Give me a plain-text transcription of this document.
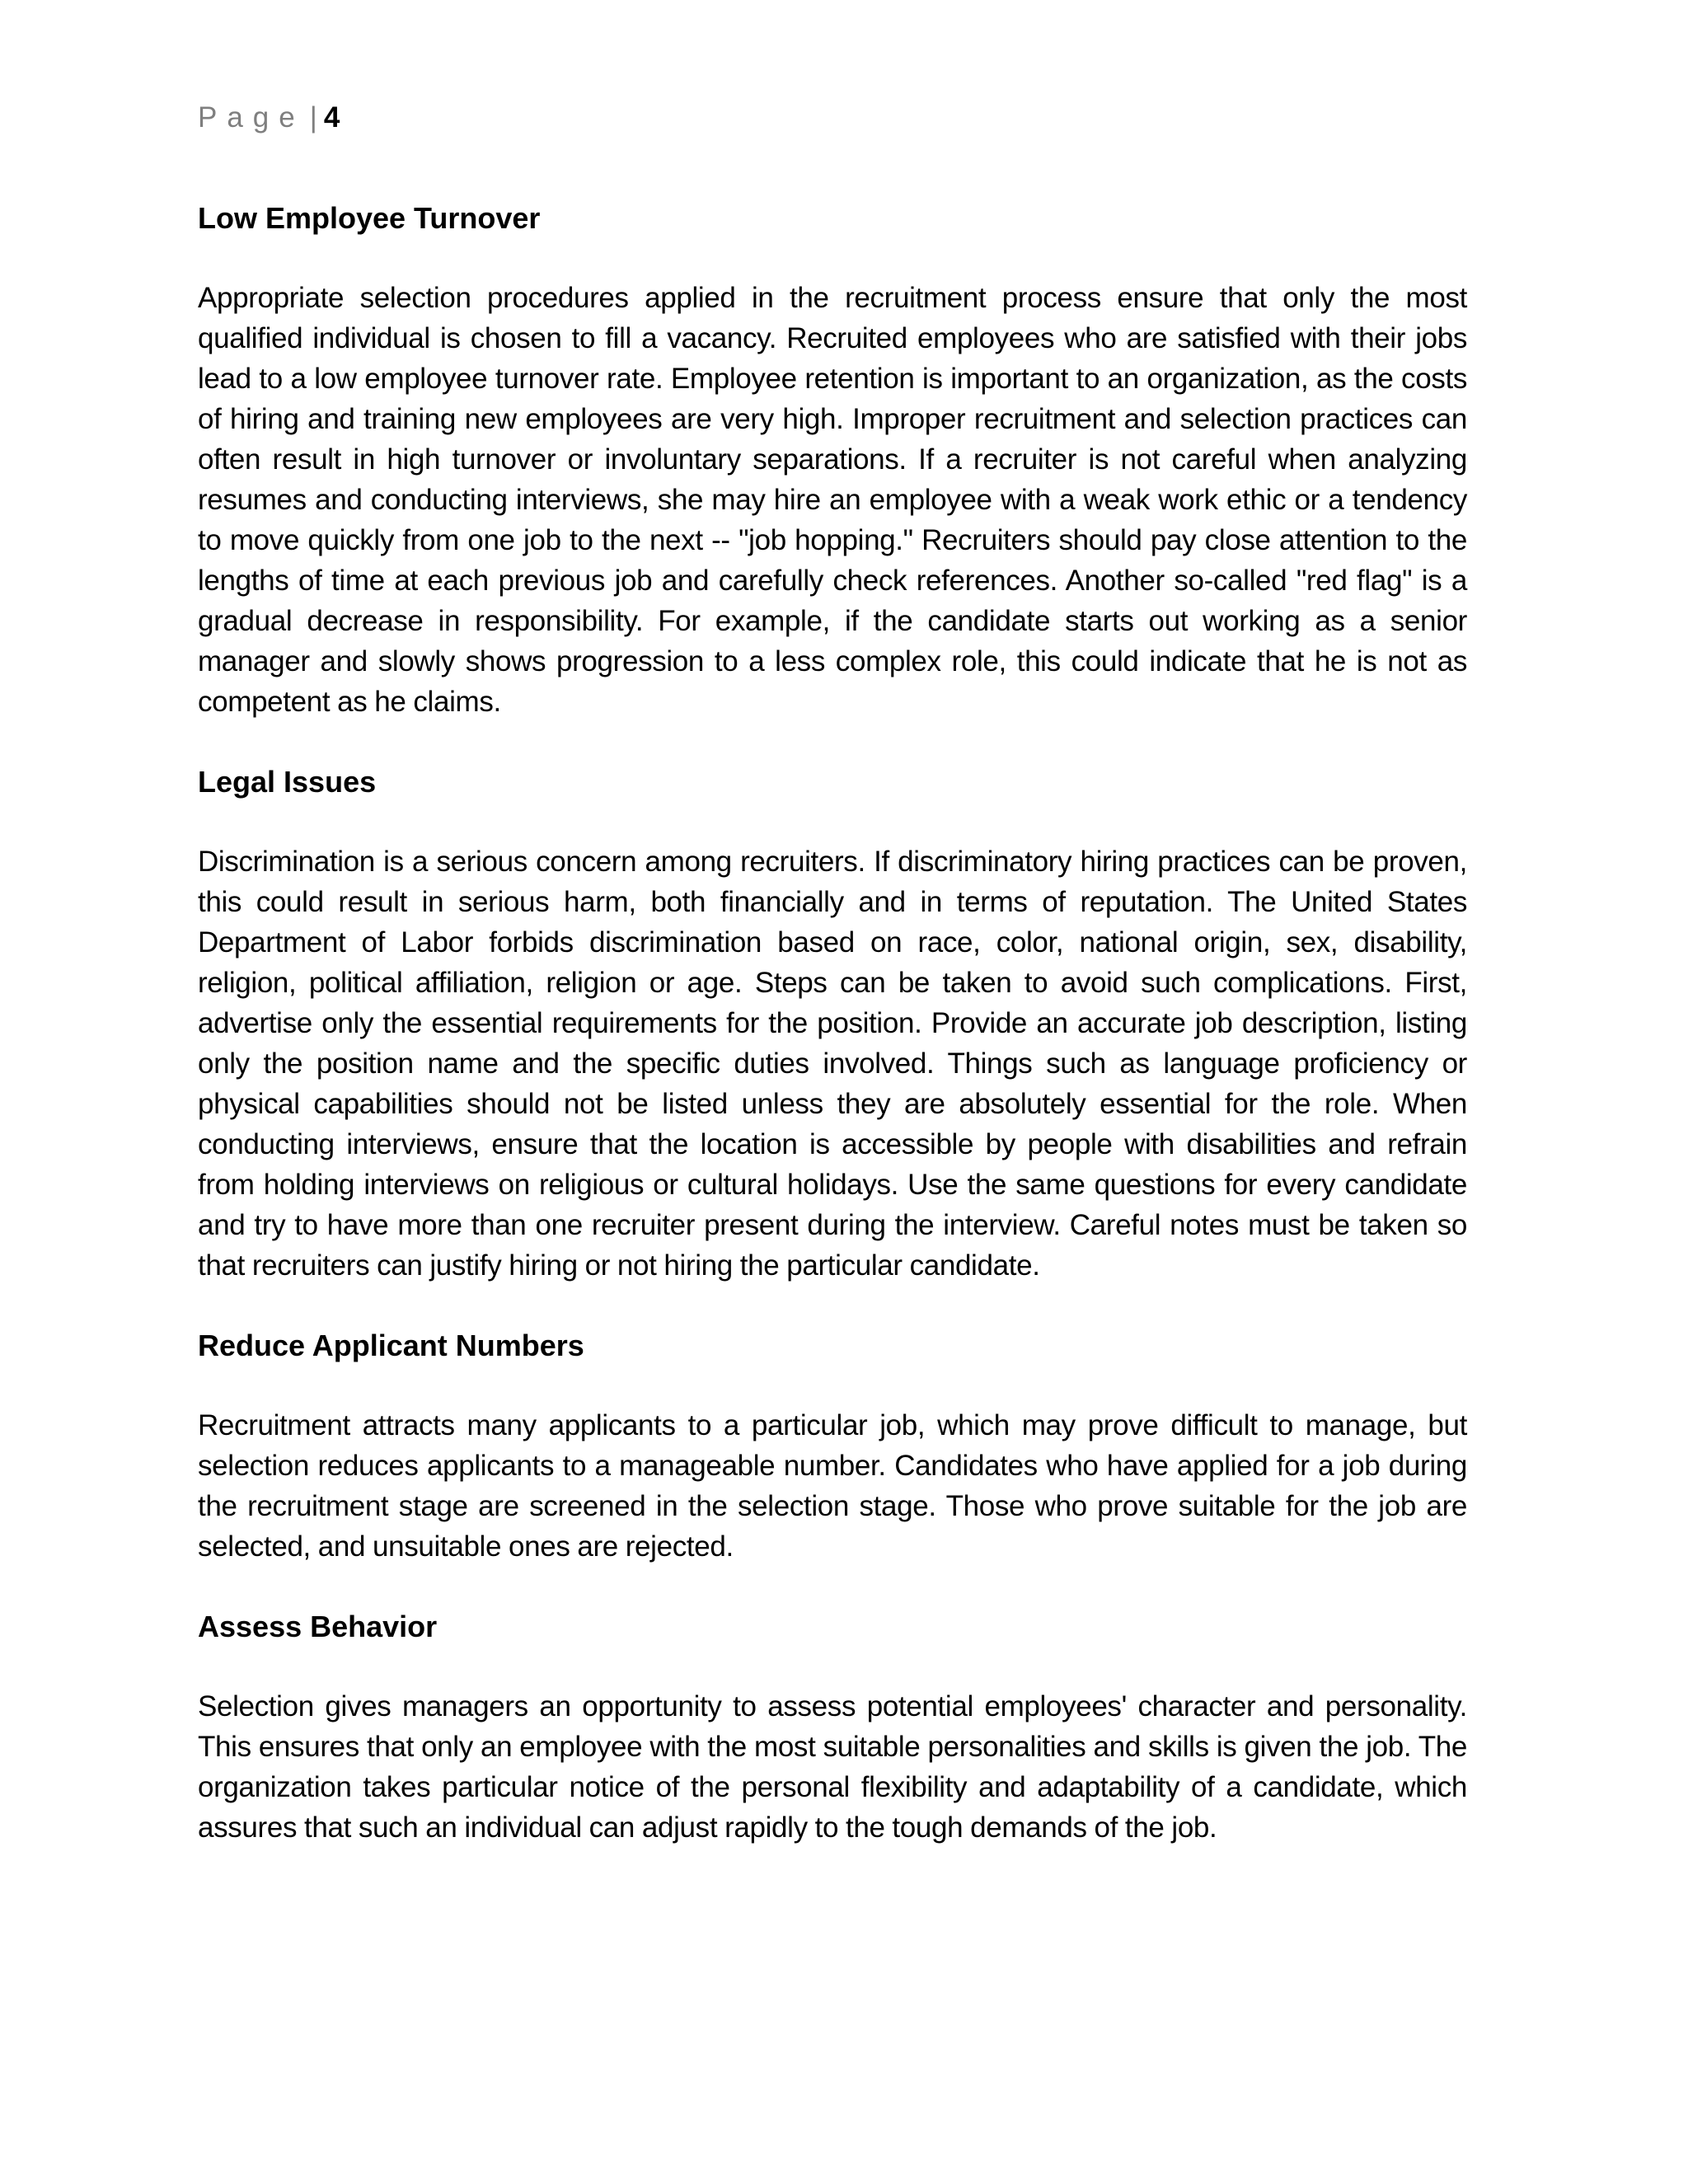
Page | 4

Low Employee Turnover

Appropriate selection procedures applied in the recruitment process ensure that only the most qualified individual is chosen to fill a vacancy. Recruited employees who are satisfied with their jobs lead to a low employee turnover rate. Employee retention is important to an organization, as the costs of hiring and training new employees are very high. Improper recruitment and selection practices can often result in high turnover or involuntary separations. If a recruiter is not careful when analyzing resumes and conducting interviews, she may hire an employee with a weak work ethic or a tendency to move quickly from one job to the next -- "job hopping." Recruiters should pay close attention to the lengths of time at each previous job and carefully check references. Another so-called "red flag" is a gradual decrease in responsibility. For example, if the candidate starts out working as a senior manager and slowly shows progression to a less complex role, this could indicate that he is not as competent as he claims.

Legal Issues

Discrimination is a serious concern among recruiters. If discriminatory hiring practices can be proven, this could result in serious harm, both financially and in terms of reputation. The United States Department of Labor forbids discrimination based on race, color, national origin, sex, disability, religion, political affiliation, religion or age. Steps can be taken to avoid such complications. First, advertise only the essential requirements for the position. Provide an accurate job description, listing only the position name and the specific duties involved. Things such as language proficiency or physical capabilities should not be listed unless they are absolutely essential for the role. When conducting interviews, ensure that the location is accessible by people with disabilities and refrain from holding interviews on religious or cultural holidays. Use the same questions for every candidate and try to have more than one recruiter present during the interview. Careful notes must be taken so that recruiters can justify hiring or not hiring the particular candidate.

Reduce Applicant Numbers

Recruitment attracts many applicants to a particular job, which may prove difficult to manage, but selection reduces applicants to a manageable number. Candidates who have applied for a job during the recruitment stage are screened in the selection stage. Those who prove suitable for the job are selected, and unsuitable ones are rejected.

Assess Behavior

Selection gives managers an opportunity to assess potential employees' character and personality. This ensures that only an employee with the most suitable personalities and skills is given the job. The organization takes particular notice of the personal flexibility and adaptability of a candidate, which assures that such an individual can adjust rapidly to the tough demands of the job.
